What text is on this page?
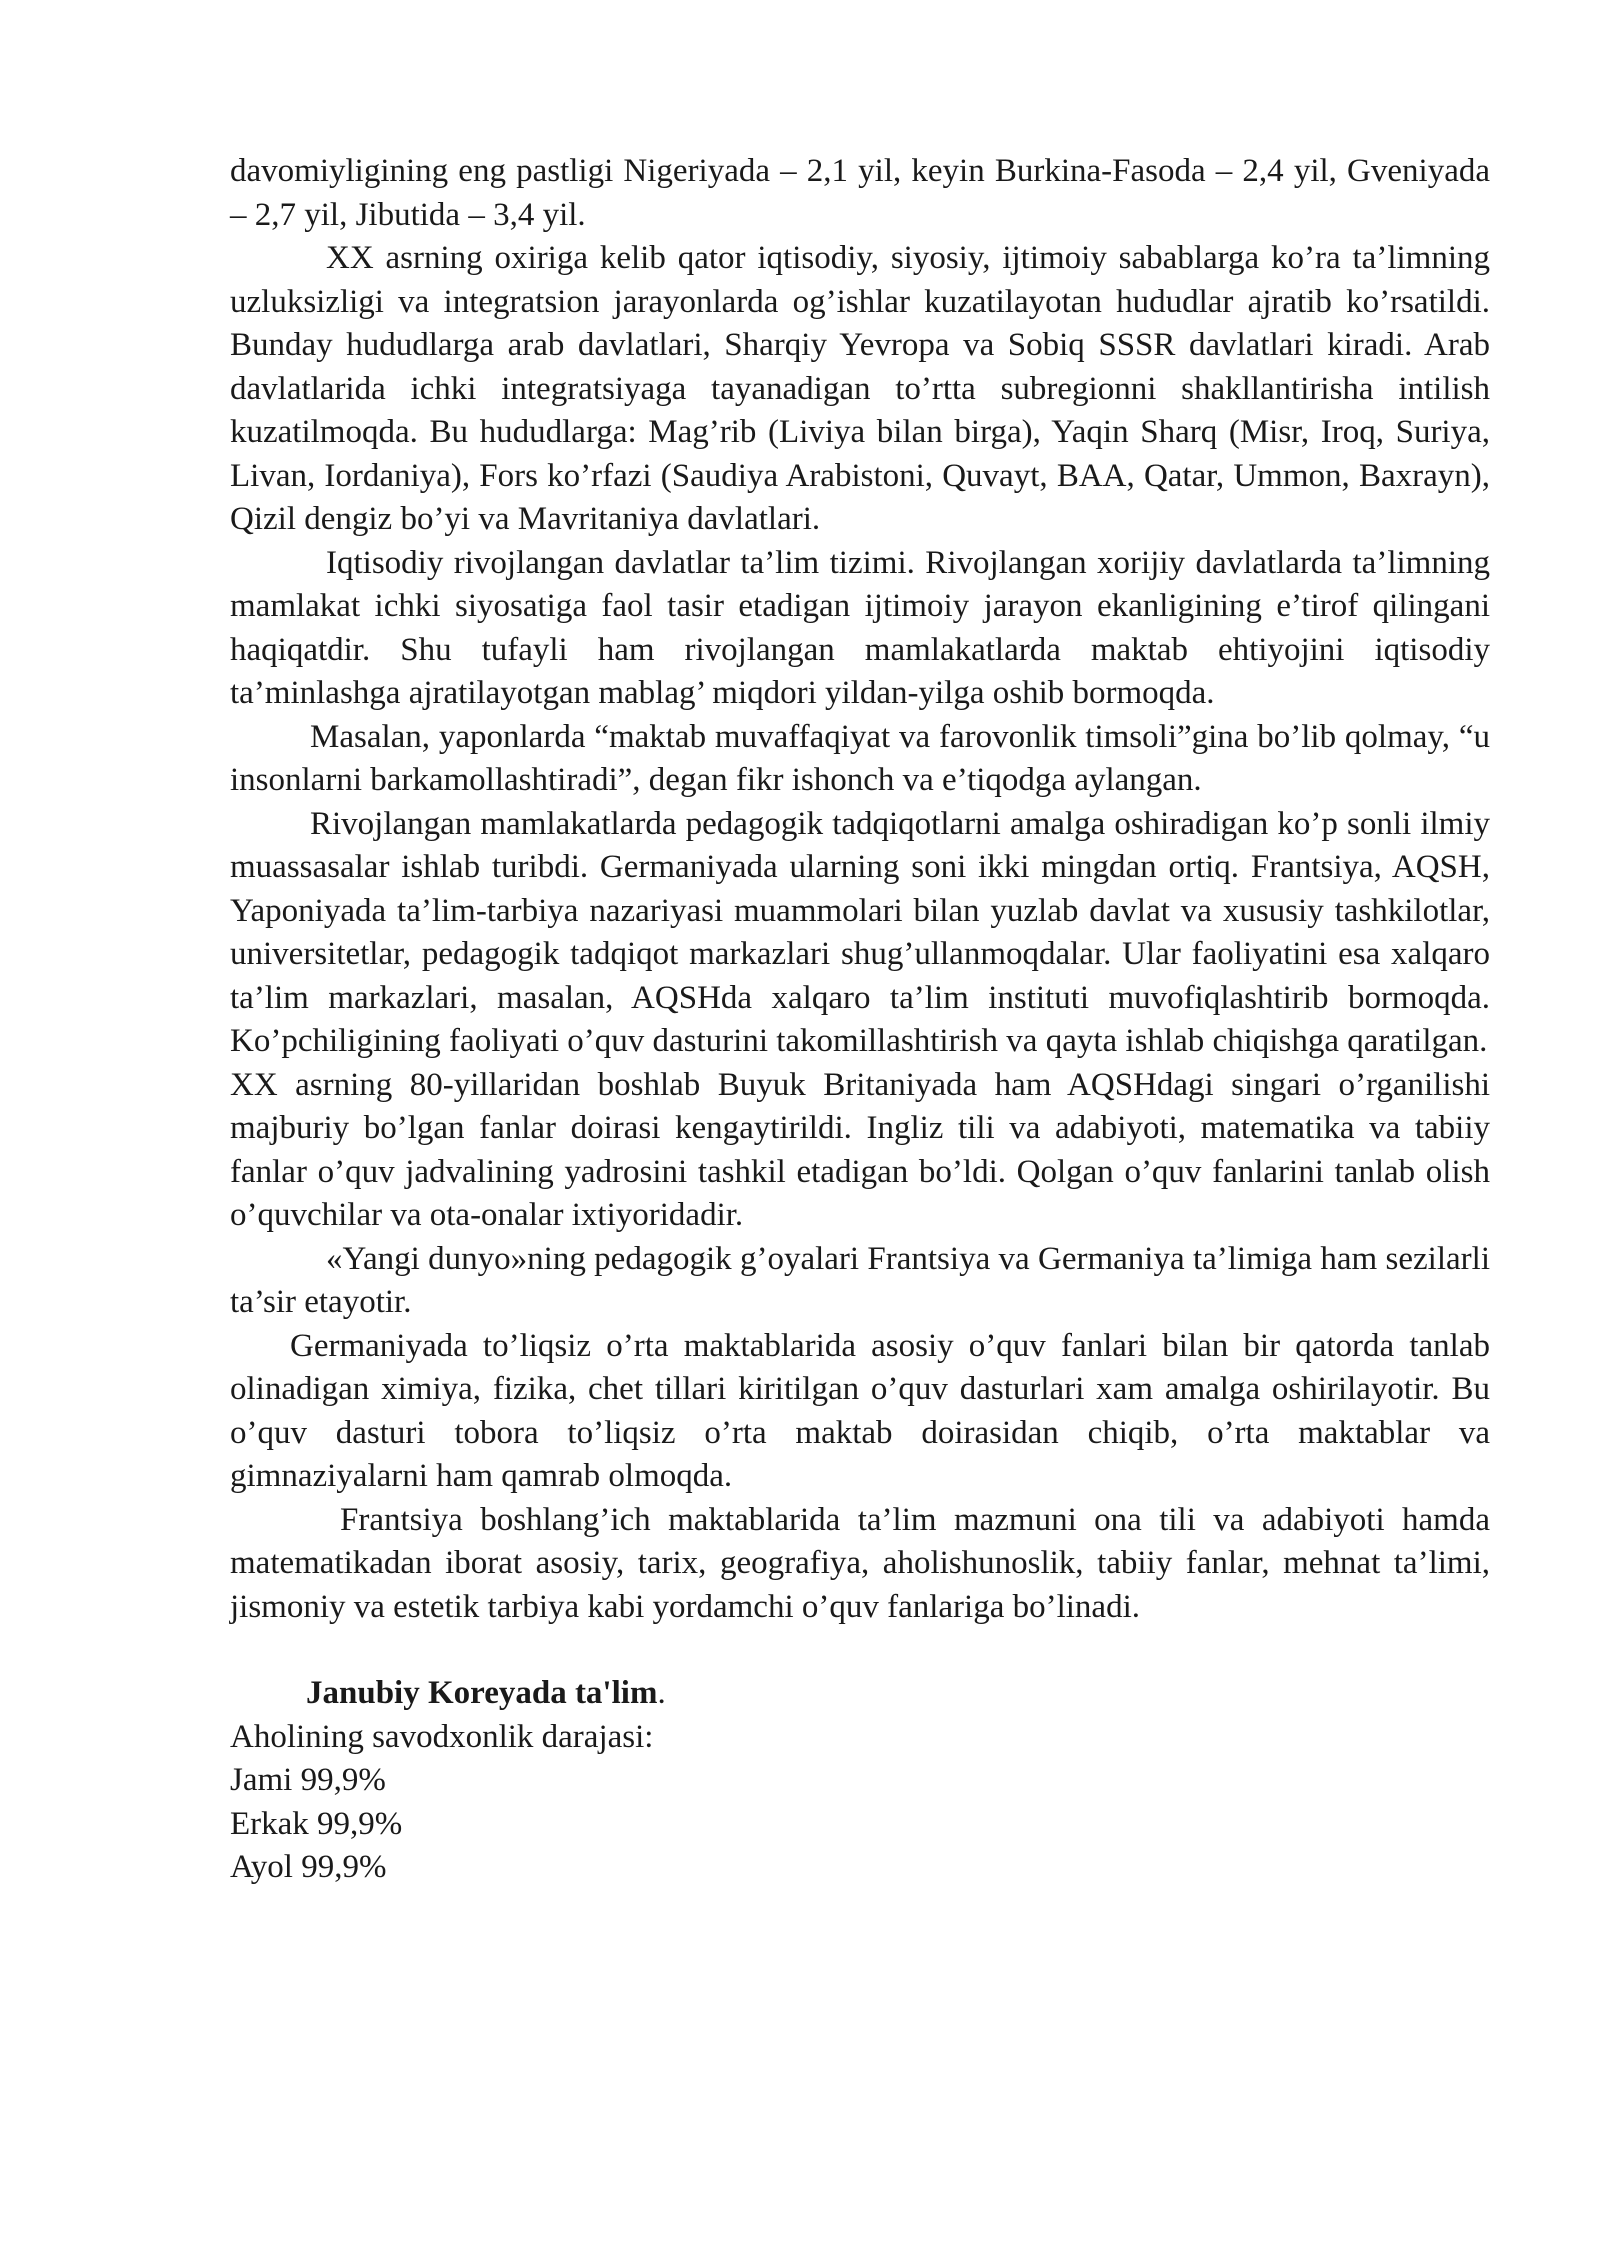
davomiyligining eng pastligi Nigeriyada – 2,1 yil, keyin Burkina-Fasoda – 2,4 yil, Gveniyada – 2,7 yil, Jibutida – 3,4 yil.

XX asrning oxiriga kelib qator iqtisodiy, siyosiy, ijtimoiy sabablarga ko’ra ta’limning uzluksizligi va integratsion jarayonlarda og’ishlar kuzatilayotan hududlar ajratib ko’rsatildi. Bunday hududlarga arab davlatlari, Sharqiy Yevropa va Sobiq SSSR davlatlari kiradi. Arab davlatlarida ichki integratsiyaga tayanadigan to’rtta subregionni shakllantirisha intilish kuzatilmoqda. Bu hududlarga: Mag’rib (Liviya bilan birga), Yaqin Sharq (Misr, Iroq, Suriya, Livan, Iordaniya), Fors ko’rfazi (Saudiya Arabistoni, Quvayt, BAA, Qatar, Ummon, Baxrayn), Qizil dengiz bo’yi va Mavritaniya davlatlari.

Iqtisodiy rivojlangan davlatlar ta’lim tizimi. Rivojlangan xorijiy davlatlarda ta’limning mamlakat ichki siyosatiga faol tasir etadigan ijtimoiy jarayon ekanligining e’tirof qilingani haqiqatdir. Shu tufayli ham rivojlangan mamlakatlarda maktab ehtiyojini iqtisodiy ta’minlashga ajratilayotgan mablag’ miqdori yildan-yilga oshib bormoqda.

Masalan, yaponlarda “maktab muvaffaqiyat va farovonlik timsoli”gina bo’lib qolmay, “u insonlarni barkamollashtiradi”, degan fikr ishonch va e’tiqodga aylangan.

Rivojlangan mamlakatlarda pedagogik tadqiqotlarni amalga oshiradigan ko’p sonli ilmiy muassasalar ishlab turibdi. Germaniyada ularning soni ikki mingdan ortiq. Frantsiya, AQSH, Yaponiyada ta’lim-tarbiya nazariyasi muammolari bilan yuzlab davlat va xususiy tashkilotlar, universitetlar, pedagogik tadqiqot markazlari shug’ullanmoqdalar. Ular faoliyatini esa xalqaro ta’lim markazlari, masalan, AQSHda xalqaro ta’lim instituti muvofiqlashtirib bormoqda. Ko’pchiligining faoliyati o’quv dasturini takomillashtirish va qayta ishlab chiqishga qaratilgan.

XX asrning 80-yillaridan boshlab Buyuk Britaniyada ham AQSHdagi singari o’rganilishi majburiy bo’lgan fanlar doirasi kengaytirildi. Ingliz tili va adabiyoti, matematika va tabiiy fanlar o’quv jadvalining yadrosini tashkil etadigan bo’ldi. Qolgan o’quv fanlarini tanlab olish o’quvchilar va ota-onalar ixtiyoridadir.

«Yangi dunyo»ning pedagogik g’oyalari Frantsiya va Germaniya ta’limiga ham sezilarli ta’sir etayotir.

Germaniyada to’liqsiz o’rta maktablarida asosiy o’quv fanlari bilan bir qatorda tanlab olinadigan ximiya, fizika, chet tillari kiritilgan o’quv dasturlari xam amalga oshirilayotir. Bu o’quv dasturi tobora to’liqsiz o’rta maktab doirasidan chiqib, o’rta maktablar va gimnaziyalarni ham qamrab olmoqda.

Frantsiya boshlang’ich maktablarida ta’lim mazmuni ona tili va adabiyoti hamda matematikadan iborat asosiy, tarix, geografiya, aholishunoslik, tabiiy fanlar, mehnat ta’limi, jismoniy va estetik tarbiya kabi yordamchi o’quv fanlariga bo’linadi.

Janubiy Koreyada ta'lim.

Aholining savodxonlik darajasi:

Jami 99,9%

Erkak 99,9%

Ayol 99,9%
